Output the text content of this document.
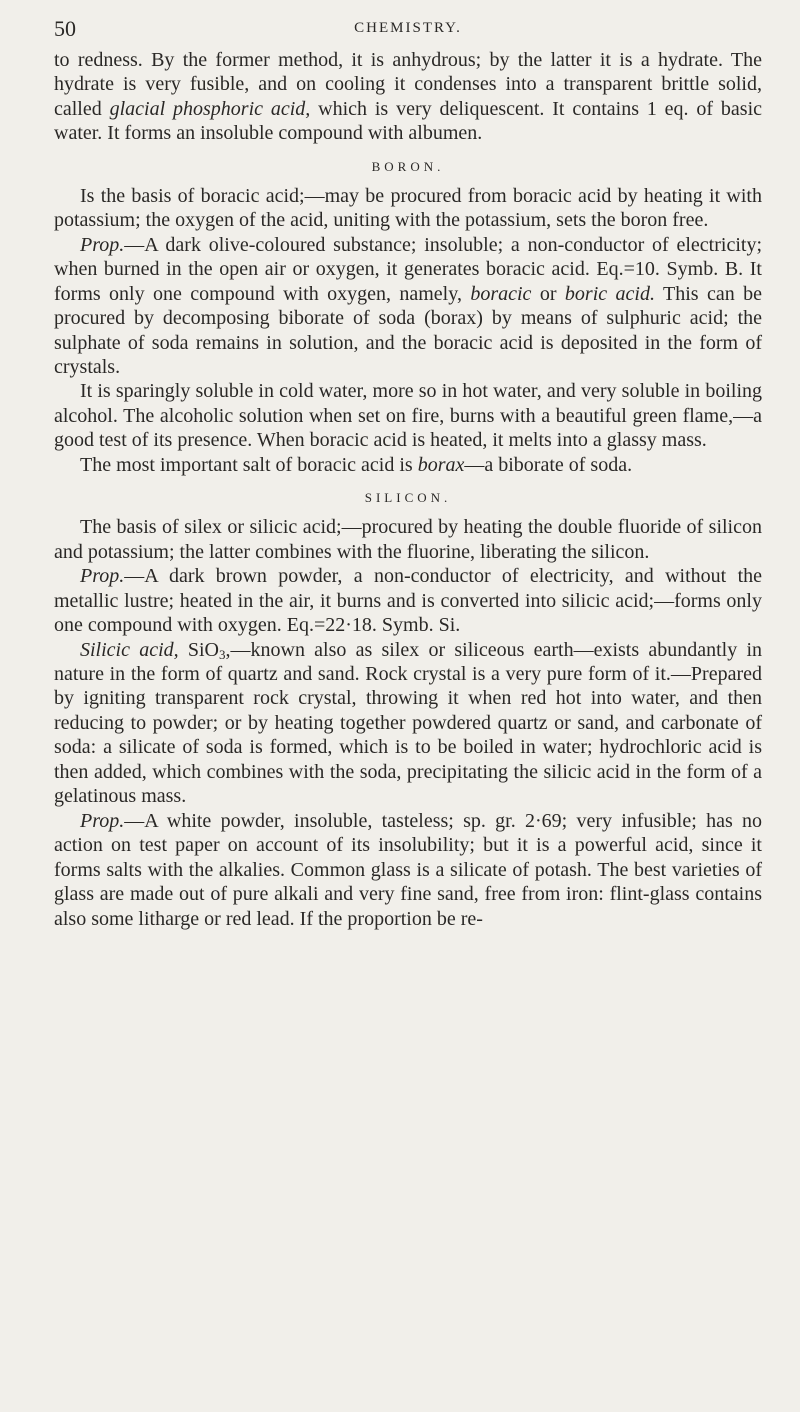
50	CHEMISTRY.

to redness. By the former method, it is anhydrous; by the latter it is a hydrate. The hydrate is very fusible, and on cooling it condenses into a transparent brittle solid, called glacial phosphoric acid, which is very deliquescent. It contains 1 eq. of basic water. It forms an insoluble compound with albumen.

BORON.

Is the basis of boracic acid;—may be procured from boracic acid by heating it with potassium; the oxygen of the acid, uniting with the potassium, sets the boron free.

Prop.—A dark olive-coloured substance; insoluble; a non-conductor of electricity; when burned in the open air or oxygen, it generates boracic acid. Eq.=10. Symb. B. It forms only one compound with oxygen, namely, boracic or boric acid. This can be procured by decomposing biborate of soda (borax) by means of sulphuric acid; the sulphate of soda remains in solution, and the boracic acid is deposited in the form of crystals.

It is sparingly soluble in cold water, more so in hot water, and very soluble in boiling alcohol. The alcoholic solution when set on fire, burns with a beautiful green flame,—a good test of its presence. When boracic acid is heated, it melts into a glassy mass.

The most important salt of boracic acid is borax—a biborate of soda.

SILICON.

The basis of silex or silicic acid;—procured by heating the double fluoride of silicon and potassium; the latter combines with the fluorine, liberating the silicon.

Prop.—A dark brown powder, a non-conductor of electricity, and without the metallic lustre; heated in the air, it burns and is converted into silicic acid;—forms only one compound with oxygen. Eq.=22·18. Symb. Si.

Silicic acid, SiO$_3$,—known also as silex or siliceous earth—exists abundantly in nature in the form of quartz and sand. Rock crystal is a very pure form of it.—Prepared by igniting transparent rock crystal, throwing it when red hot into water, and then reducing to powder; or by heating together powdered quartz or sand, and carbonate of soda: a silicate of soda is formed, which is to be boiled in water; hydrochloric acid is then added, which combines with the soda, precipitating the silicic acid in the form of a gelatinous mass.

Prop.—A white powder, insoluble, tasteless; sp. gr. 2·69; very infusible; has no action on test paper on account of its insolubility; but it is a powerful acid, since it forms salts with the alkalies. Common glass is a silicate of potash. The best varieties of glass are made out of pure alkali and very fine sand, free from iron: flint-glass contains also some litharge or red lead. If the proportion be re-
